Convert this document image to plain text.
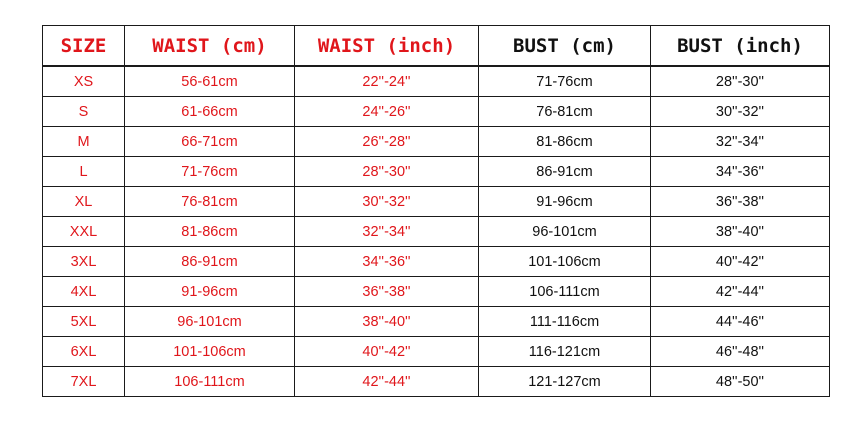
SIZE	WAIST (cm)	WAIST (inch)	BUST (cm)	BUST (inch)
XS	56-61cm	22''-24''	71-76cm	28''-30''
S	61-66cm	24''-26''	76-81cm	30''-32''
M	66-71cm	26''-28''	81-86cm	32''-34''
L	71-76cm	28''-30''	86-91cm	34''-36''
XL	76-81cm	30''-32''	91-96cm	36''-38''
XXL	81-86cm	32''-34''	96-101cm	38''-40''
3XL	86-91cm	34''-36''	101-106cm	40''-42''
4XL	91-96cm	36''-38''	106-111cm	42''-44''
5XL	96-101cm	38''-40''	111-116cm	44''-46''
6XL	101-106cm	40''-42''	116-121cm	46''-48''
7XL	106-111cm	42''-44''	121-127cm	48''-50''
